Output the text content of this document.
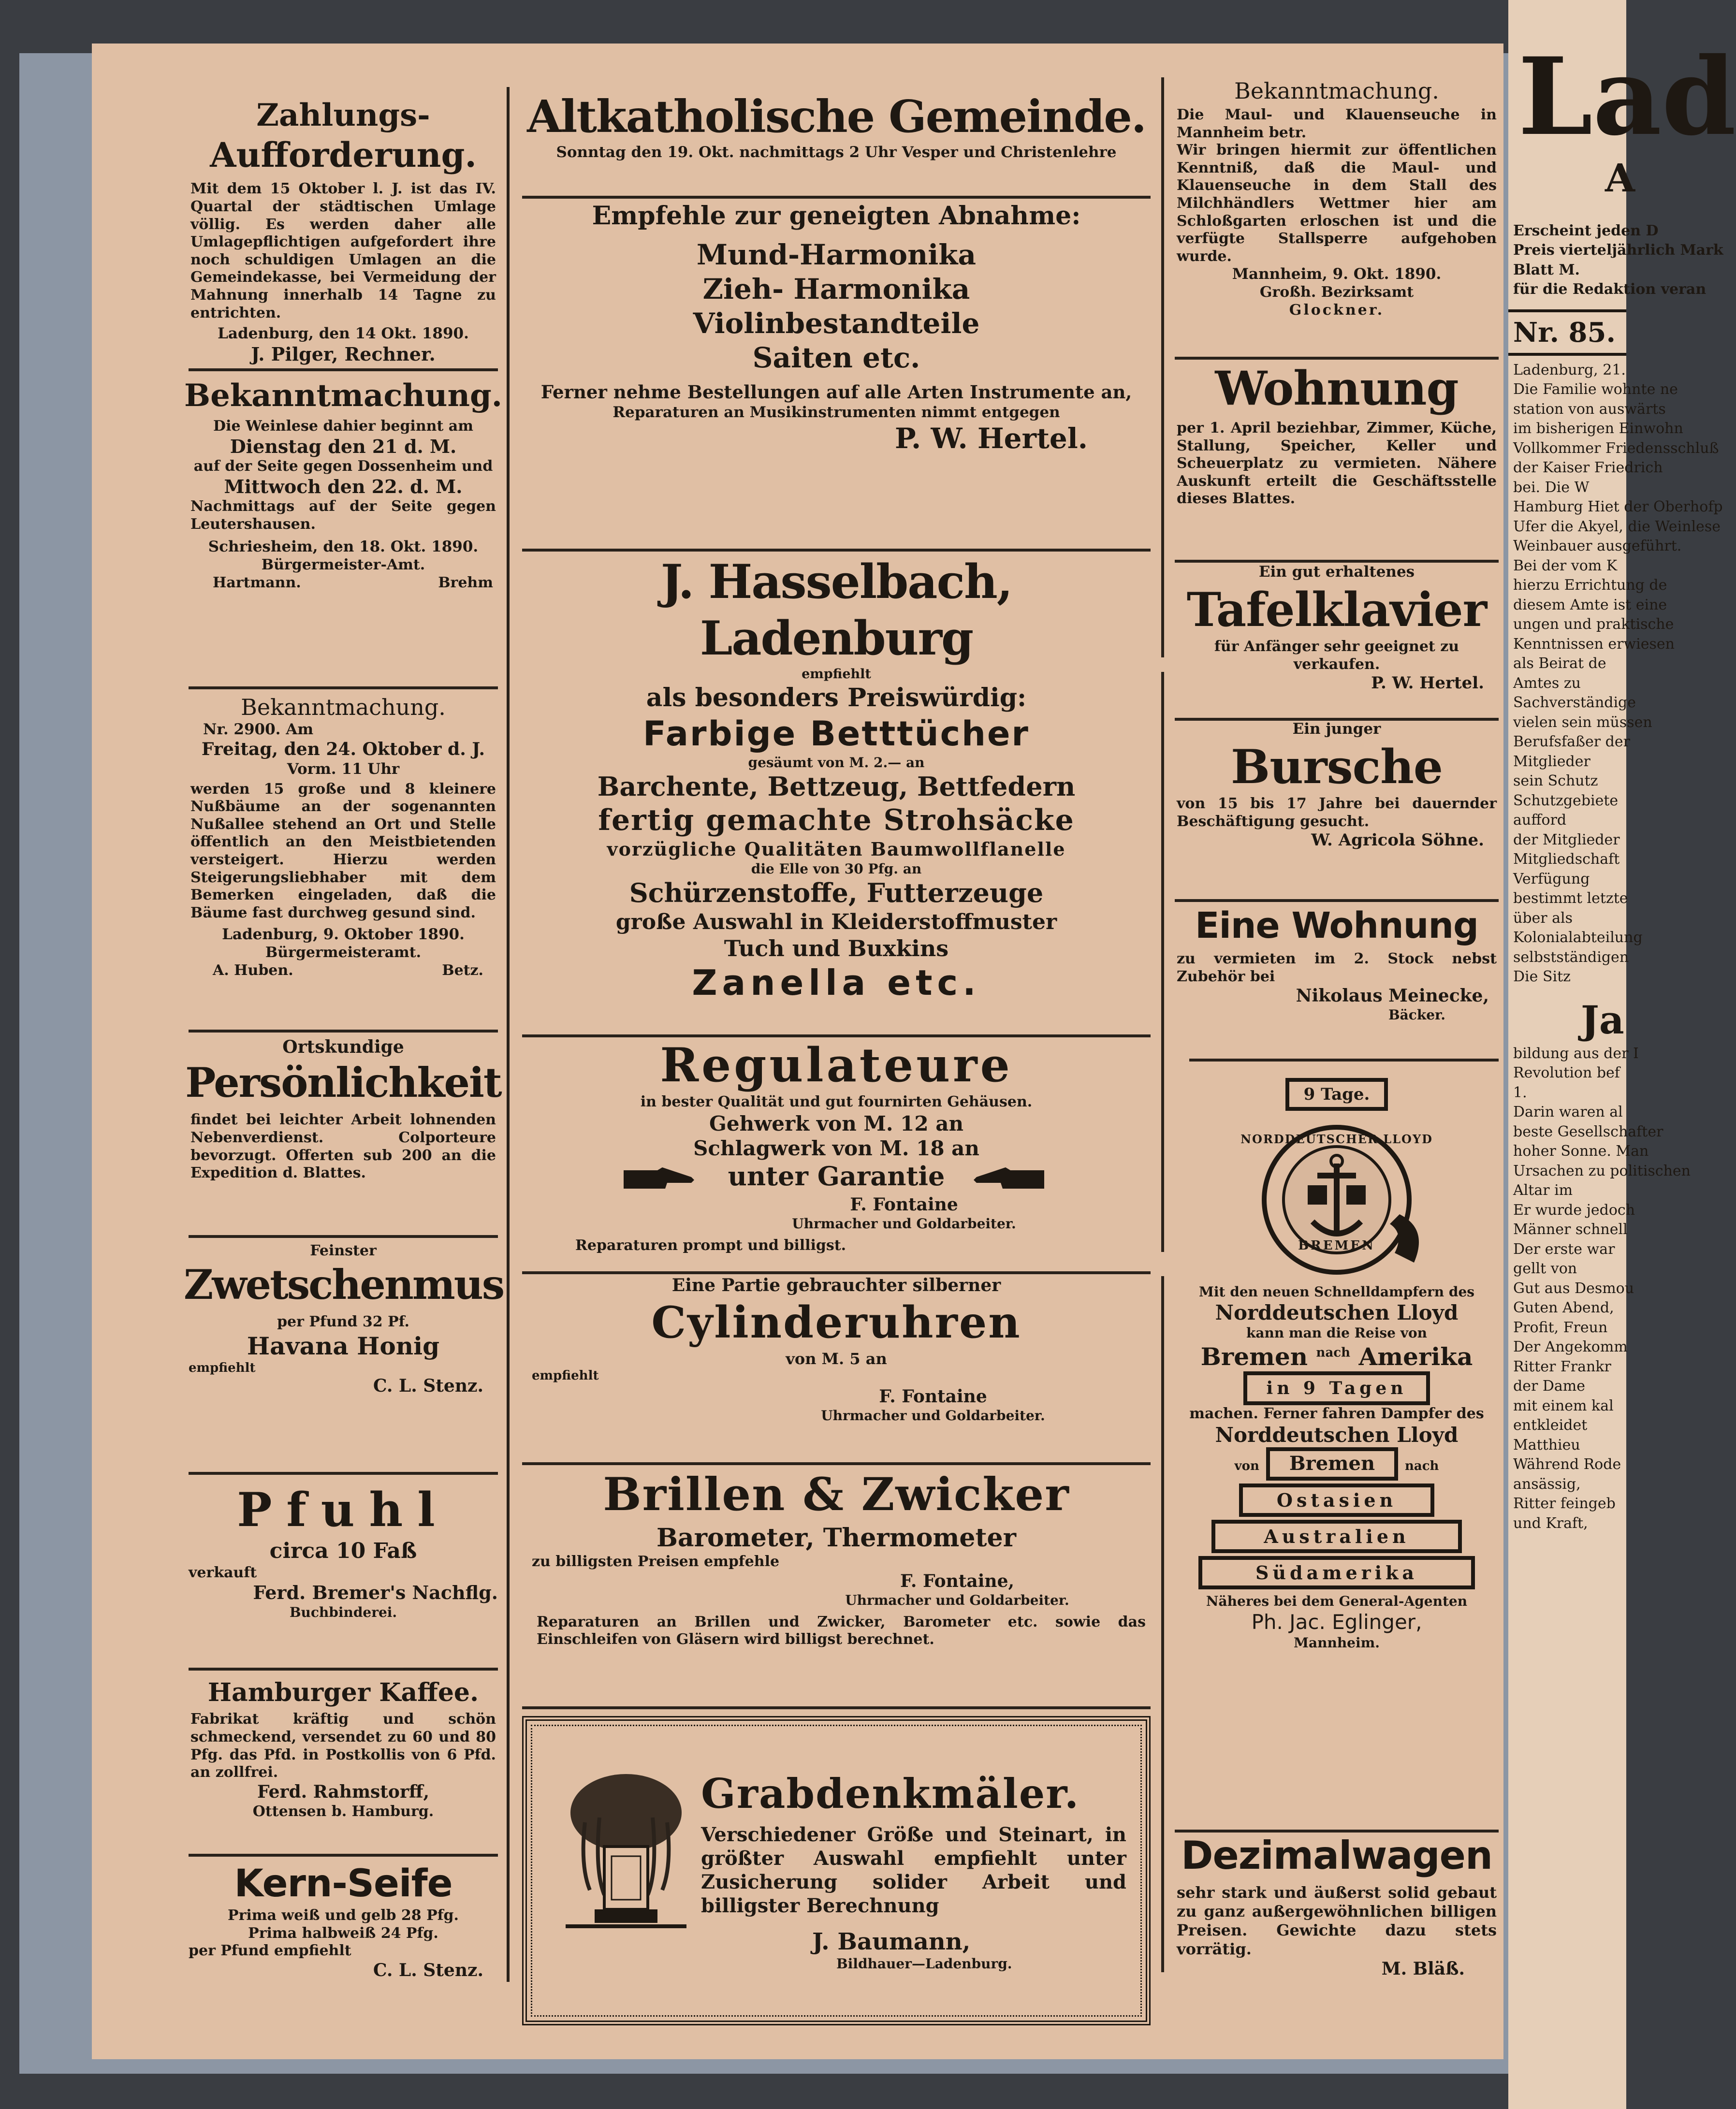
Zahlungs-

Aufforderung.

Mit dem 15 Oktober l. J. ist das IV. Quartal der städtischen Umlage völlig. Es werden daher alle Umlagepflichtigen aufgefordert ihre noch schuldigen Umlagen an die Gemeindekasse, bei Vermeidung der Mahnung innerhalb 14 Tagne zu entrichten.

Ladenburg, den 14 Okt. 1890.

J. Pilger, Rechner.

Bekanntmachung.

Die Weinlese dahier beginnt am

Dienstag den 21 d. M.

auf der Seite gegen Dossenheim und

Mittwoch den 22. d. M.

Nachmittags auf der Seite gegen Leutershausen.

Schriesheim, den 18. Okt. 1890.

Bürgermeister-Amt.

Hartmann.	Brehm

Bekanntmachung.

Nr. 2900. Am

Freitag, den 24. Oktober d. J.

Vorm. 11 Uhr

werden 15 große und 8 kleinere Nußbäume an der sogenannten Nußallee stehend an Ort und Stelle öffentlich an den Meistbietenden versteigert. Hierzu werden Steigerungsliebhaber mit dem Bemerken eingeladen, daß die Bäume fast durchweg gesund sind.

Ladenburg, 9. Oktober 1890.

Bürgermeisteramt.

A. Huben.	Betz.

Ortskundige

Persönlichkeit

findet bei leichter Arbeit lohnenden Nebenverdienst. Colporteure bevorzugt. Offerten sub 200 an die Expedition d. Blattes.

Feinster

Zwetschenmus

per Pfund 32 Pf.

Havana Honig

empfiehlt

C. L. Stenz.

Pfuhl

circa 10 Faß

verkauft

Ferd. Bremer's Nachflg.

Buchbinderei.

Hamburger Kaffee.

Fabrikat kräftig und schön schmeckend, versendet zu 60 und 80 Pfg. das Pfd. in Postkollis von 6 Pfd. an zollfrei.

Ferd. Rahmstorff,

Ottensen b. Hamburg.

Kern-Seife

Prima weiß und gelb 28 Pfg.

Prima halbweiß 24 Pfg.

per Pfund empfiehlt

C. L. Stenz.

Altkatholische Gemeinde.

Sonntag den 19. Okt. nachmittags 2 Uhr Vesper und Christenlehre

Empfehle zur geneigten Abnahme:

Mund-Harmonika

Zieh- Harmonika

Violinbestandteile

Saiten etc.

Ferner nehme Bestellungen auf alle Arten Instrumente an,

Reparaturen an Musikinstrumenten nimmt entgegen

P. W. Hertel.

J. Hasselbach, Ladenburg

empfiehlt

als besonders Preiswürdig:

Farbige Betttücher

gesäumt von M. 2.— an

Barchente, Bettzeug, Bettfedern

fertig gemachte Strohsäcke

vorzügliche Qualitäten Baumwollflanelle

die Elle von 30 Pfg. an

Schürzenstoffe, Futterzeuge

große Auswahl in Kleiderstoffmuster

Tuch und Buxkins

Zanella etc.

Regulateure

in bester Qualität und gut fournirten Gehäusen.

Gehwerk von M. 12 an

Schlagwerk von M. 18 an

unter Garantie

F. Fontaine

Uhrmacher und Goldarbeiter.

Reparaturen prompt und billigst.

Eine Partie gebrauchter silberner

Cylinderuhren

von M. 5 an

empfiehlt

F. Fontaine

Uhrmacher und Goldarbeiter.

Brillen & Zwicker

Barometer, Thermometer

zu billigsten Preisen empfehle

F. Fontaine,

Uhrmacher und Goldarbeiter.

Reparaturen an Brillen und Zwicker, Barometer etc. sowie das Einschleifen von Gläsern wird billigst berechnet.

Grabdenkmäler.

Verschiedener Größe und Steinart, in größter Auswahl empfiehlt unter Zusicherung solider Arbeit und billigster Berechnung

J. Baumann,

Bildhauer—Ladenburg.

Bekanntmachung.

Die Maul- und Klauenseuche in Mannheim betr.

Wir bringen hiermit zur öffentlichen Kenntniß, daß die Maul- und Klauenseuche in dem Stall des Milchhändlers Wettmer hier am Schloßgarten erloschen ist und die verfügte Stallsperre aufgehoben wurde.

Mannheim, 9. Okt. 1890.

Großh. Bezirksamt

Glockner.

Wohnung

per 1. April beziehbar, Zimmer, Küche, Stallung, Speicher, Keller und Scheuerplatz zu vermieten. Nähere Auskunft erteilt die Geschäftsstelle dieses Blattes.

Ein gut erhaltenes

Tafelklavier

für Anfänger sehr geeignet zu verkaufen.

P. W. Hertel.

Ein junger

Bursche

von 15 bis 17 Jahre bei dauernder Beschäftigung gesucht.

W. Agricola Söhne.

Eine Wohnung

zu vermieten im 2. Stock nebst Zubehör bei

Nikolaus Meinecke,

Bäcker.

9 Tage.
NORDDEUTSCHER LLOYD
BREMEN

Mit den neuen Schnelldampfern des

Norddeutschen Lloyd

kann man die Reise von

Bremen $^{nach}$ Amerika

in 9 Tagen

machen. Ferner fahren Dampfer des

Norddeutschen Lloyd

von Bremen nach

Ostasien
Australien
Südamerika

Näheres bei dem General-Agenten

Ph. Jac. Eglinger,

Mannheim.

Dezimalwagen

sehr stark und äußerst solid gebaut zu ganz außergewöhnlichen billigen Preisen. Gewichte dazu stets vorrätig.

M. Bläß.

Lad

A

Erscheint jeden D

Preis vierteljährlich Mark

Blatt M.

für die Redaktion veran

Nr. 85.

Ladenburg, 21.

Die Familie wohnte ne

station von auswärts

im bisherigen Einwohn

Vollkommer Friedensschluß

der Kaiser Friedrich

bei. Die W

Hamburg Hiet der Oberhofp

Ufer die Akyel, die Weinlese

Weinbauer ausgeführt.

Bei der vom K

hierzu Errichtung de

diesem Amte ist eine

ungen und praktische

Kenntnissen erwiesen

als Beirat de

Amtes zu

Sachverständige

vielen sein müssen

Berufsfaßer der

Mitglieder

sein Schutz

Schutzgebiete

aufford

der Mitglieder

Mitgliedschaft

Verfügung

bestimmt letzte

über als

Kolonialabteilung

selbstständigen

Die Sitz

Ja

bildung aus der I

Revolution bef

1.

Darin waren al

beste Gesellschafter

hoher Sonne. Man

Ursachen zu politischen

Altar im

Er wurde jedoch

Männer schnell

Der erste war

gellt von

Gut aus Desmou

Guten Abend,

Profit, Freun

Der Angekomm

Ritter Frankr

der Dame

mit einem kal

entkleidet

Matthieu

Während Rode

ansässig,

Ritter feingeb

und Kraft,
